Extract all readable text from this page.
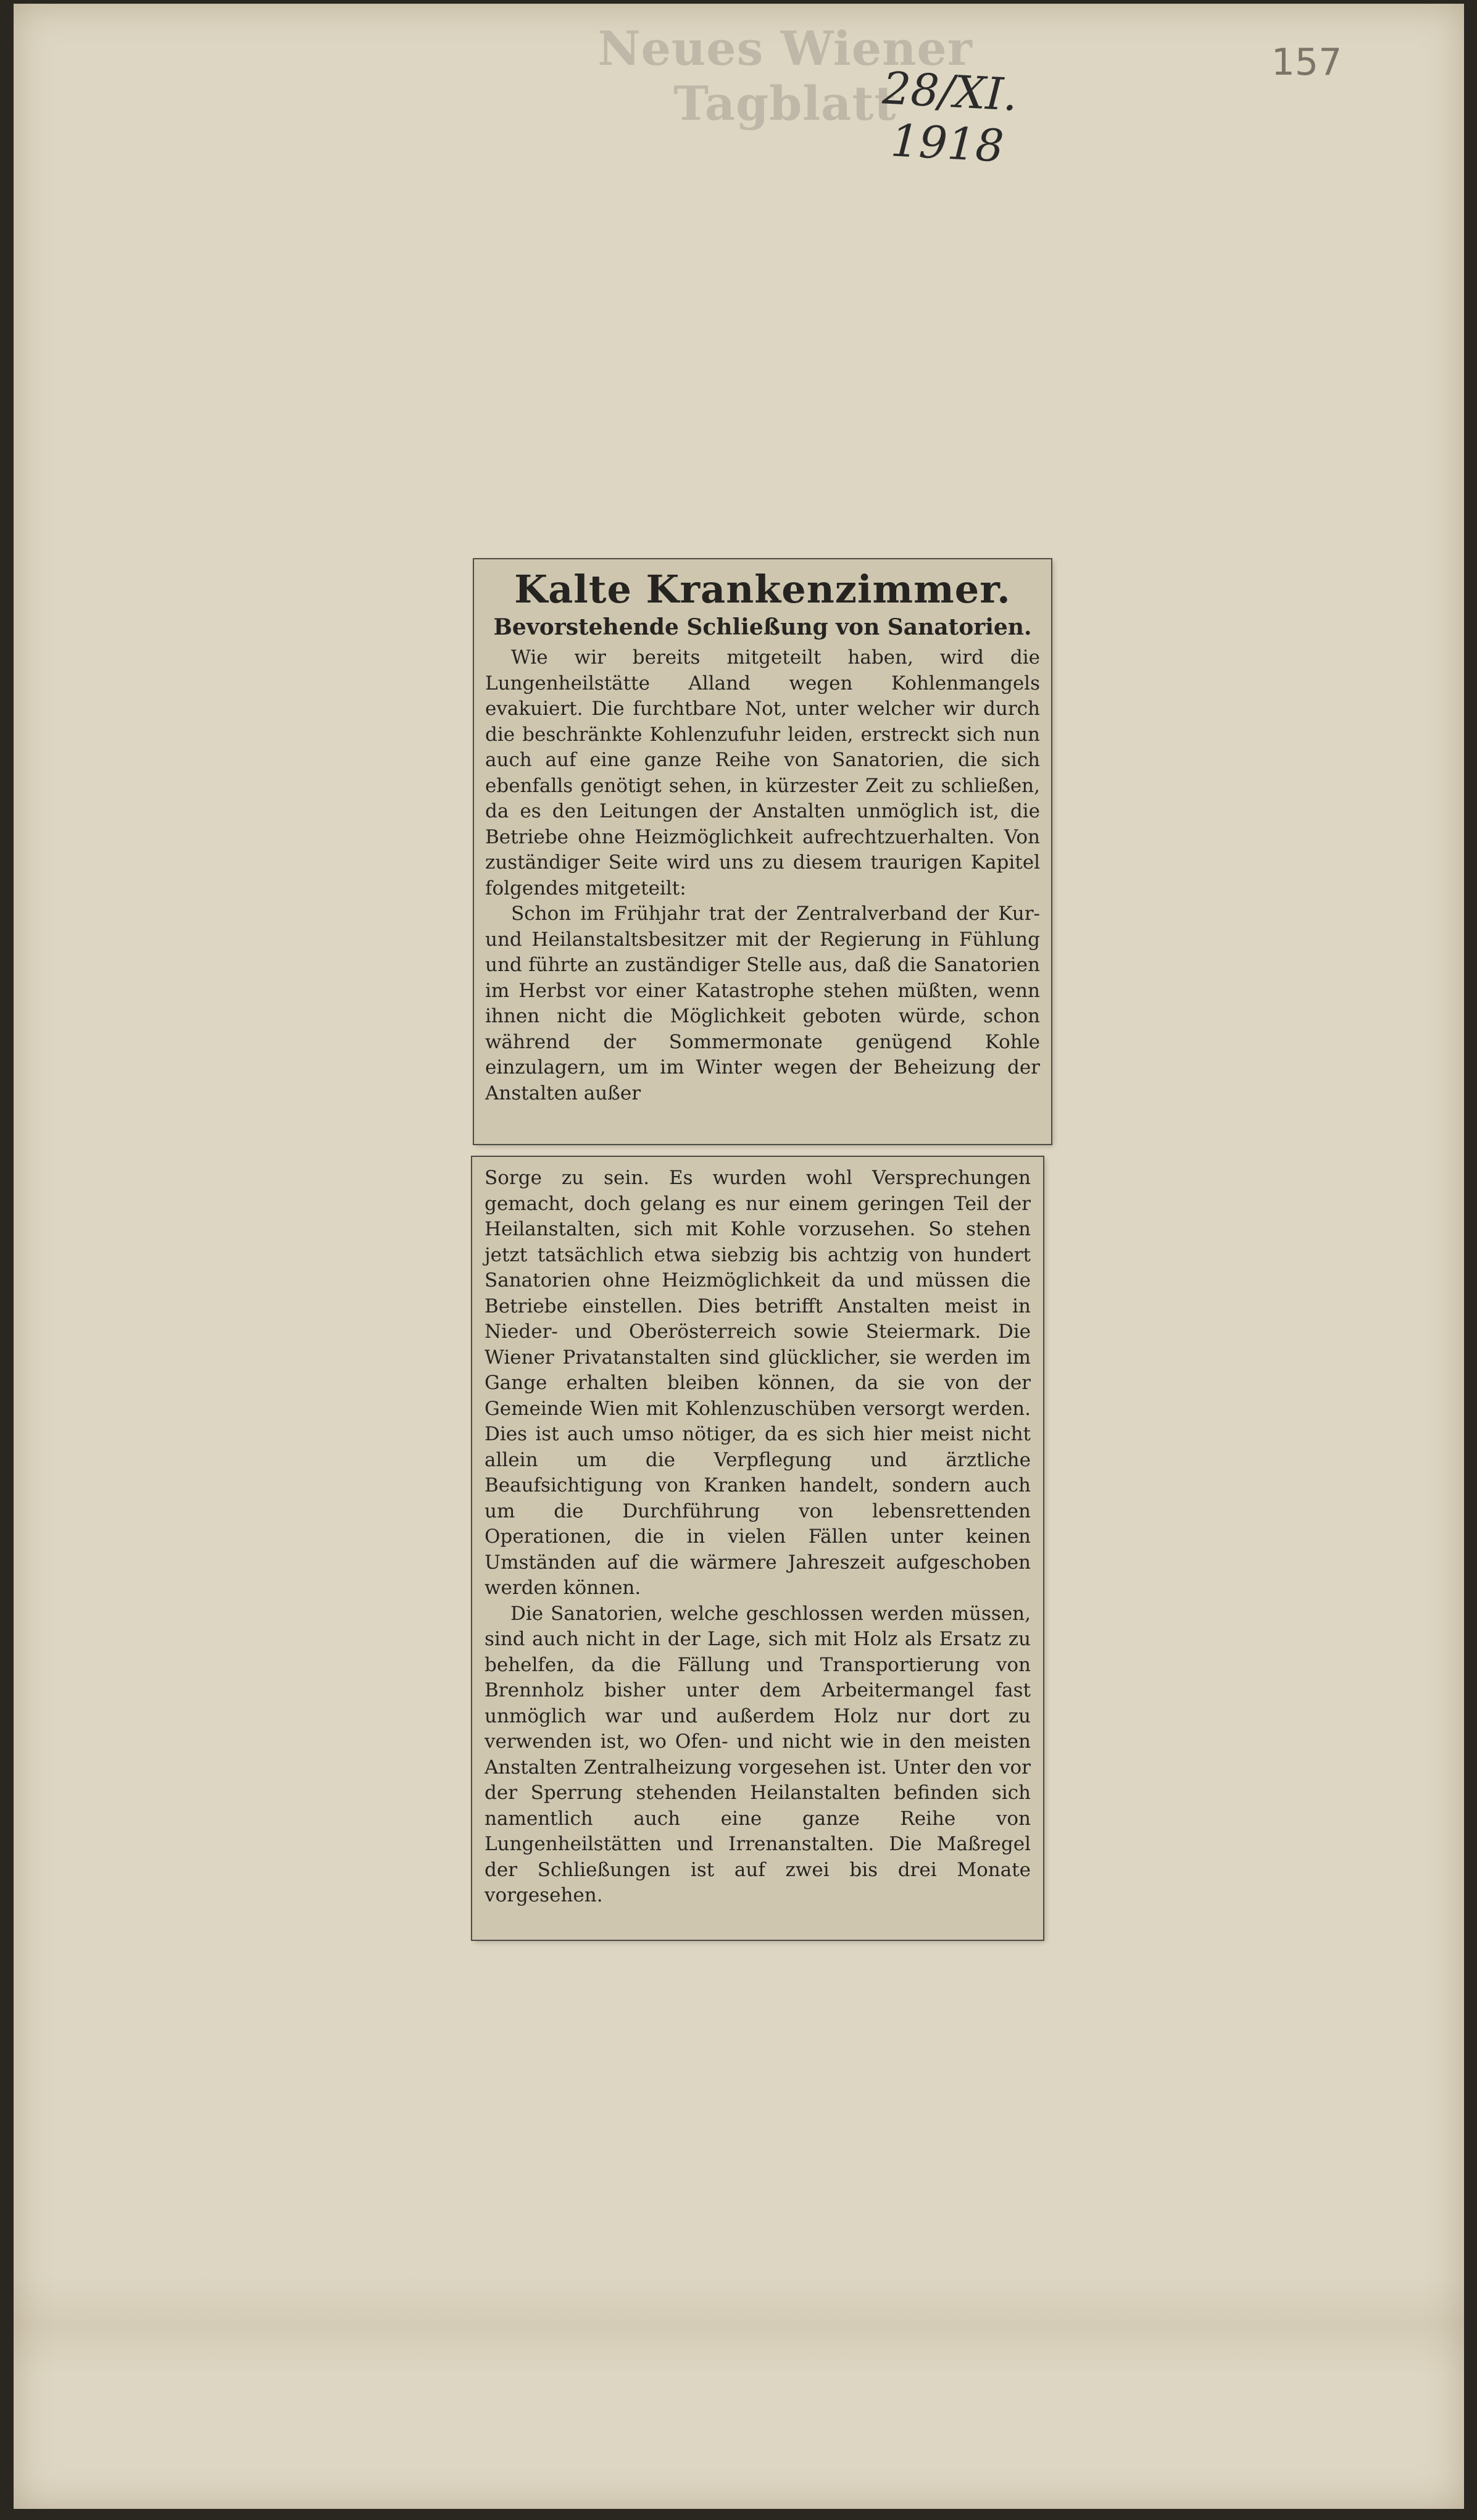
Neues Wiener Tagblatt
28/XI. 1918
157
Kalte Krankenzimmer.
Bevorstehende Schließung von Sanatorien.

Wie wir bereits mitgeteilt haben, wird die Lungenheilstätte Alland wegen Kohlenmangels evakuiert. Die furchtbare Not, unter welcher wir durch die beschränkte Kohlenzufuhr leiden, erstreckt sich nun auch auf eine ganze Reihe von Sanatorien, die sich ebenfalls genötigt sehen, in kürzester Zeit zu schließen, da es den Leitungen der Anstalten unmöglich ist, die Betriebe ohne Heizmöglichkeit aufrechtzuerhalten. Von zuständiger Seite wird uns zu diesem traurigen Kapitel folgendes mitgeteilt:

Schon im Frühjahr trat der Zentralverband der Kur- und Heilanstaltsbesitzer mit der Regierung in Fühlung und führte an zuständiger Stelle aus, daß die Sanatorien im Herbst vor einer Katastrophe stehen müßten, wenn ihnen nicht die Möglichkeit geboten würde, schon während der Sommermonate genügend Kohle einzulagern, um im Winter wegen der Beheizung der Anstalten außer

Sorge zu sein. Es wurden wohl Versprechungen gemacht, doch gelang es nur einem geringen Teil der Heilanstalten, sich mit Kohle vorzusehen. So stehen jetzt tatsächlich etwa siebzig bis achtzig von hundert Sanatorien ohne Heizmöglichkeit da und müssen die Betriebe einstellen. Dies betrifft Anstalten meist in Nieder- und Oberösterreich sowie Steiermark. Die Wiener Privatanstalten sind glücklicher, sie werden im Gange erhalten bleiben können, da sie von der Gemeinde Wien mit Kohlenzuschüben versorgt werden. Dies ist auch umso nötiger, da es sich hier meist nicht allein um die Verpflegung und ärztliche Beaufsichtigung von Kranken handelt, sondern auch um die Durchführung von lebensrettenden Operationen, die in vielen Fällen unter keinen Umständen auf die wärmere Jahreszeit aufgeschoben werden können.

Die Sanatorien, welche geschlossen werden müssen, sind auch nicht in der Lage, sich mit Holz als Ersatz zu behelfen, da die Fällung und Transportierung von Brennholz bisher unter dem Arbeitermangel fast unmöglich war und außerdem Holz nur dort zu verwenden ist, wo Ofen- und nicht wie in den meisten Anstalten Zentralheizung vorgesehen ist. Unter den vor der Sperrung stehenden Heilanstalten befinden sich namentlich auch eine ganze Reihe von Lungenheilstätten und Irrenanstalten. Die Maßregel der Schließungen ist auf zwei bis drei Monate vorgesehen.
